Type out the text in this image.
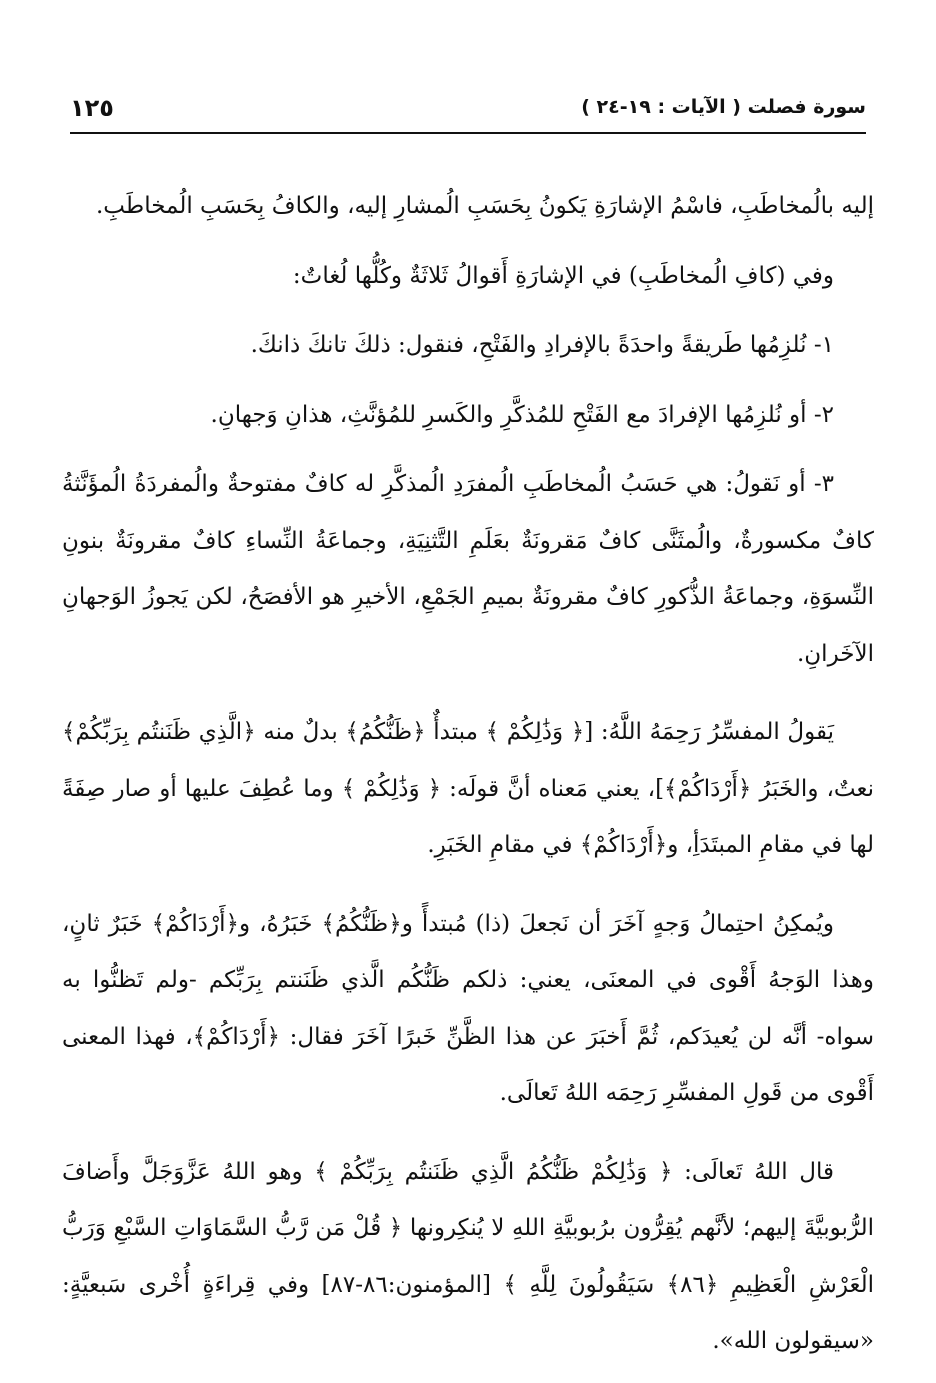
١٢٥	سورة فصلت ( الآيات : ١٩-٢٤ )

إليه بالُمخاطَبِ، فاسْمُ الإشارَةِ يَكونُ بِحَسَبِ الُمشارِ إليه، والكافُ بِحَسَبِ الُمخاطَبِ.

وفي (كافِ الُمخاطَبِ) في الإشارَةِ أَقوالُ ثَلاثَةٌ وكُلُّها لُغاتٌ:

١- نُلزِمُها طَريقةً واحدَةً بالإفرادِ والفَتْحِ، فنقول: ذلكَ تانكَ ذانكَ.

٢- أو نُلزِمُها الإفرادَ مع الفَتْحِ للمُذكَّرِ والكَسرِ للمُؤنَّثِ، هذانِ وَجهانِ.

٣- أو نَقولُ: هي حَسَبُ الُمخاطَبِ الُمفرَدِ الُمذكَّرِ له كافٌ مفتوحةٌ والُمفردَةُ الُمؤَنَّثةُ كافٌ مكسورةٌ، والُمثَنَّى كافٌ مَقرونَةٌ بعَلَمِ التَّثنِيَةِ، وجماعَةُ النِّساءِ كافٌ مقرونَةٌ بنونِ النِّسوَةِ، وجماعَةُ الذُّكورِ كافٌ مقرونَةٌ بميمِ الجَمْعِ، الأخيرِ هو الأفصَحُ، لكن يَجوزُ الوَجهانِ الآخَرانِ.

يَقولُ المفسِّرُ رَحِمَهُ اللَّهُ: [﴿ وَذَٰلِكُمْ ﴾ مبتدأٌ ﴿ظَنُّكُمُ﴾ بدلٌ منه ﴿الَّذِي ظَنَنتُم بِرَبِّكُمْ﴾ نعتٌ، والخَبَرُ ﴿أَرْدَاكُمْ﴾]، يعني مَعناه أنَّ قولَه: ﴿ وَذَٰلِكُمْ ﴾ وما عُطِفَ عليها أو صار صِفَةً لها في مقامِ المبتَدَأِ، و﴿أَرْدَاكُمْ﴾ في مقامِ الخَبَرِ.

ويُمكِنُ احتِمالُ وَجهٍ آخَرَ أن نَجعلَ (ذا) مُبتدأً و﴿ظَنُّكُمُ﴾ خَبَرُهُ، و﴿أَرْدَاكُمْ﴾ خَبَرٌ ثانٍ، وهذا الوَجهُ أَقْوى في المعنَى، يعني: ذلكم ظَنُّكُم الَّذي ظَنَنتم بِرَبِّكم -ولم تَظنُّوا به سواه- أنَّه لن يُعيدَكم، ثُمَّ أَخبَرَ عن هذا الظَّنِّ خَبرًا آخَرَ فقال: ﴿أَرْدَاكُمْ﴾، فهذا المعنى أَقْوى من قَولِ المفسِّرِ رَحِمَه اللهُ تَعالَى.

قال اللهُ تَعالَى: ﴿ وَذَٰلِكُمْ ظَنُّكُمُ الَّذِي ظَنَنتُم بِرَبِّكُمْ ﴾ وهو اللهُ عَزَّوَجَلَّ وأَضافَ الرُّبوبيَّةَ إليهم؛ لأنَّهم يُقِرُّون برُبوبيَّةِ اللهِ لا يُنكِرونها ﴿ قُلْ مَن رَّبُّ السَّمَاوَاتِ السَّبْعِ وَرَبُّ الْعَرْشِ الْعَظِيمِ ﴿٨٦﴾ سَيَقُولُونَ لِلَّهِ ﴾ [المؤمنون:٨٦-٨٧] وفي قِراءَةٍ أُخْرى سَبعيَّةٍ: «سيقولون الله».
